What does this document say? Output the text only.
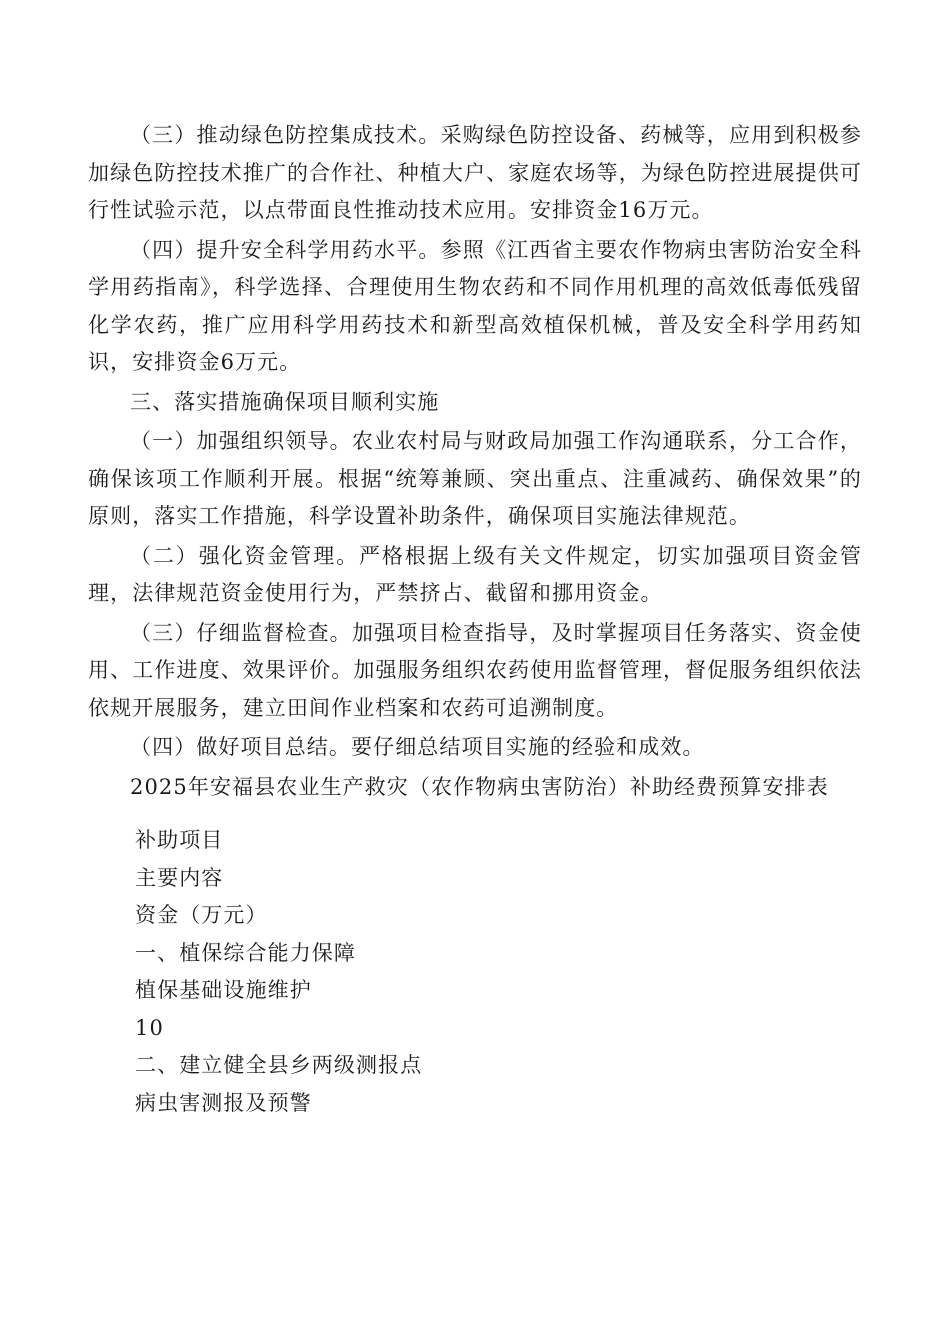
（三）推动绿色防控集成技术。采购绿色防控设备、药械等，应用到积极参加绿色防控技术推广的合作社、种植大户、家庭农场等，为绿色防控进展提供可行性试验示范，以点带面良性推动技术应用。安排资金16万元。

（四）提升安全科学用药水平。参照《江西省主要农作物病虫害防治安全科学用药指南》，科学选择、合理使用生物农药和不同作用机理的高效低毒低残留化学农药，推广应用科学用药技术和新型高效植保机械，普及安全科学用药知识，安排资金6万元。

三、落实措施确保项目顺利实施

（一）加强组织领导。农业农村局与财政局加强工作沟通联系，分工合作，确保该项工作顺利开展。根据“统筹兼顾、突出重点、注重减药、确保效果”的原则，落实工作措施，科学设置补助条件，确保项目实施法律规范。

（二）强化资金管理。严格根据上级有关文件规定，切实加强项目资金管理，法律规范资金使用行为，严禁挤占、截留和挪用资金。

（三）仔细监督检查。加强项目检查指导，及时掌握项目任务落实、资金使用、工作进度、效果评价。加强服务组织农药使用监督管理，督促服务组织依法依规开展服务，建立田间作业档案和农药可追溯制度。

（四）做好项目总结。要仔细总结项目实施的经验和成效。

2025年安福县农业生产救灾（农作物病虫害防治）补助经费预算安排表

补助项目

主要内容

资金（万元）

一、植保综合能力保障

植保基础设施维护

10

二、建立健全县乡两级测报点

病虫害测报及预警
